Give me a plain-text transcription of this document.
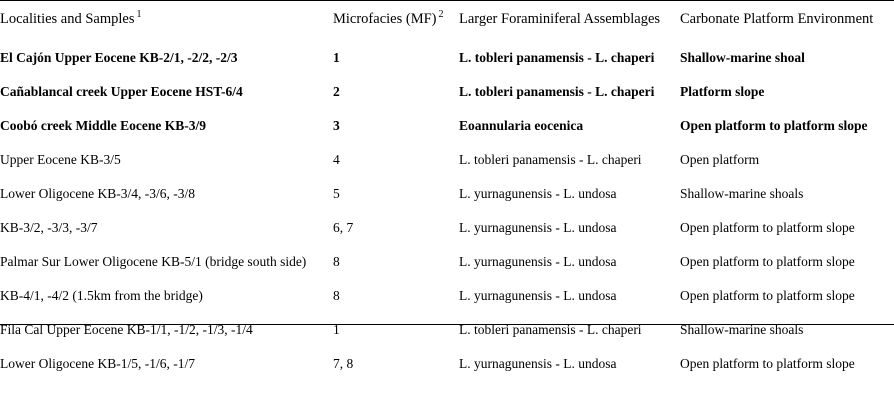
Localities and Samples $^1$	Microfacies (MF) $^2$	Larger Foraminiferal Assemblages	Carbonate Platform Environment

El Cajón Upper Eocene KB-2/1, -2/2, -2/3	1	L. tobleri panamensis - L. chaperi	Shallow-marine shoal

Cañablancal creek Upper Eocene HST-6/4	2	L. tobleri panamensis - L. chaperi	Platform slope

Coobó creek Middle Eocene KB-3/9	3	Eoannularia eocenica	Open platform to platform slope

Upper Eocene KB-3/5	4	L. tobleri panamensis - L. chaperi	Open platform

Lower Oligocene KB-3/4, -3/6, -3/8	5	L. yurnagunensis - L. undosa	Shallow-marine shoals

KB-3/2, -3/3, -3/7	6, 7	L. yurnagunensis - L. undosa	Open platform to platform slope

Palmar Sur Lower Oligocene KB-5/1 (bridge south side)	8	L. yurnagunensis - L. undosa	Open platform to platform slope

KB-4/1, -4/2 (1.5km from the bridge)	8	L. yurnagunensis - L. undosa	Open platform to platform slope

Fila Cal Upper Eocene KB-1/1, -1/2, -1/3, -1/4	1	L. tobleri panamensis - L. chaperi	Shallow-marine shoals

Lower Oligocene KB-1/5, -1/6, -1/7	7, 8	L. yurnagunensis - L. undosa	Open platform to platform slope
